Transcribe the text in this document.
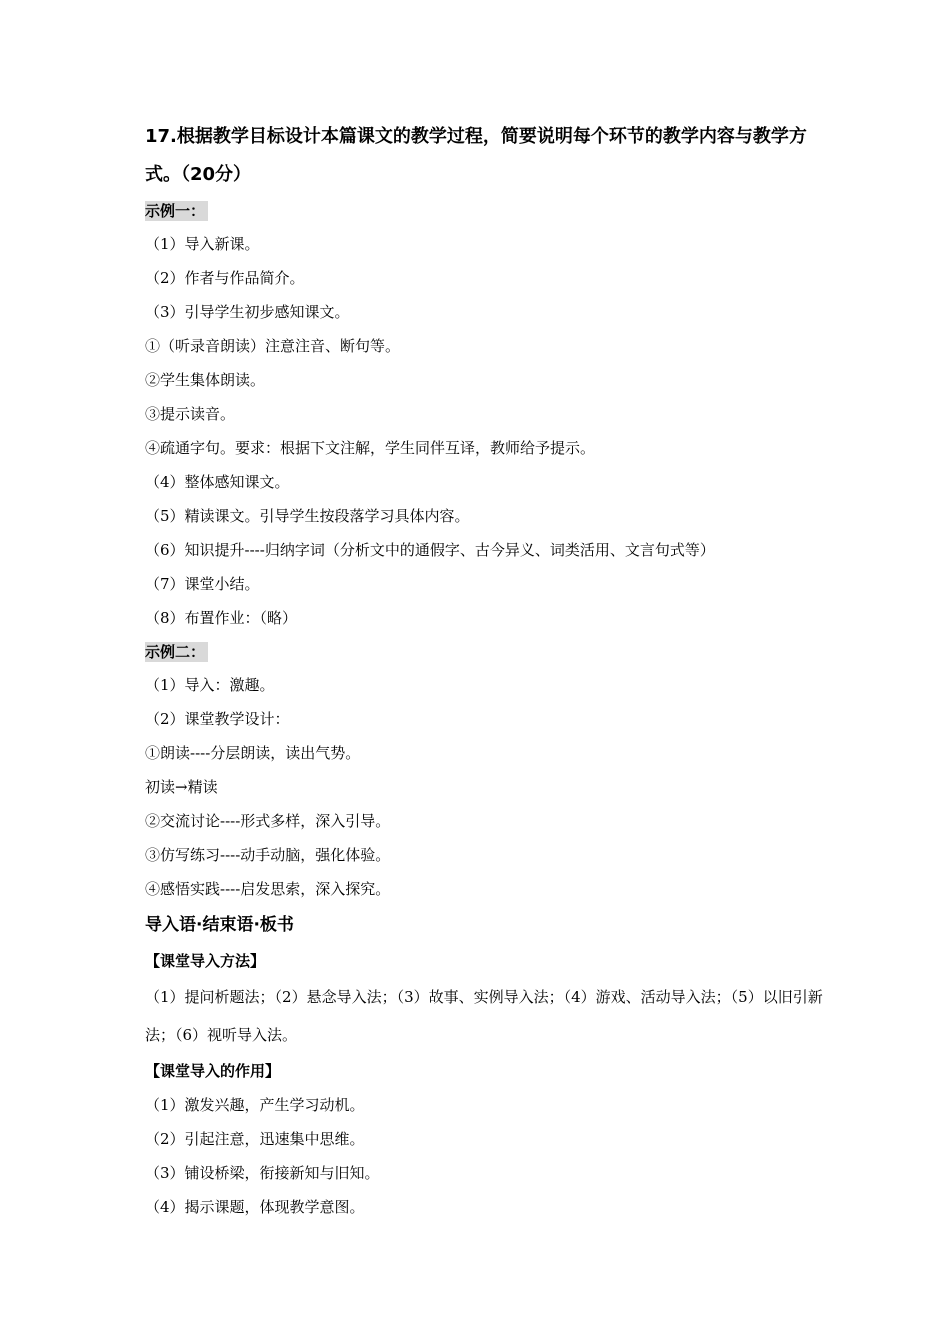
17.根据教学目标设计本篇课文的教学过程，简要说明每个环节的教学内容与教学方式。（20分）

示例一：
（1）导入新课。
（2）作者与作品简介。
（3）引导学生初步感知课文。
①（听录音朗读）注意注音、断句等。
②学生集体朗读。
③提示读音。
④疏通字句。要求：根据下文注解，学生同伴互译，教师给予提示。
（4）整体感知课文。
（5）精读课文。引导学生按段落学习具体内容。
（6）知识提升----归纳字词（分析文中的通假字、古今异义、词类活用、文言句式等）
（7）课堂小结。
（8）布置作业：（略）
示例二：
（1）导入：激趣。
（2）课堂教学设计：
①朗读----分层朗读，读出气势。
初读→精读
②交流讨论----形式多样，深入引导。
③仿写练习----动手动脑，强化体验。
④感悟实践----启发思索，深入探究。
导入语·结束语·板书
【课堂导入方法】

（1）提问析题法；（2）悬念导入法；（3）故事、实例导入法；（4）游戏、活动导入法；（5）以旧引新法；（6）视听导入法。

【课堂导入的作用】
（1）激发兴趣，产生学习动机。
（2）引起注意，迅速集中思维。
（3）铺设桥梁，衔接新知与旧知。
（4）揭示课题，体现教学意图。
